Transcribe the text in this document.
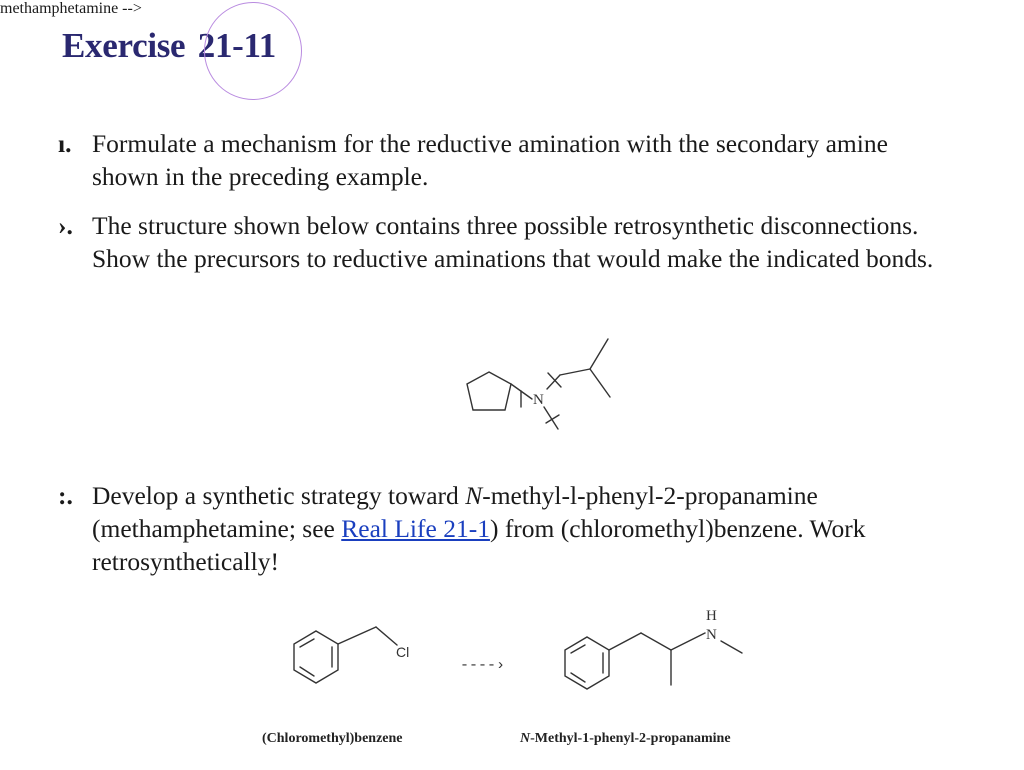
Exercise 21-11
ı. Formulate a mechanism for the reductive amination with the secondary amine shown in the preceding example.
›. The structure shown below contains three possible retrosynthetic disconnections. Show the precursors to reductive aminations that would make the indicated bonds.
N
:. Develop a synthetic strategy toward N-methyl-l-phenyl-2-propanamine (methamphetamine; see Real Life 21-1) from (chloromethyl)benzene. Work retrosynthetically!
methamphetamine -->
Cl
----›
H
N
(Chloromethyl)benzene	N-Methyl-1-phenyl-2-propanamine
